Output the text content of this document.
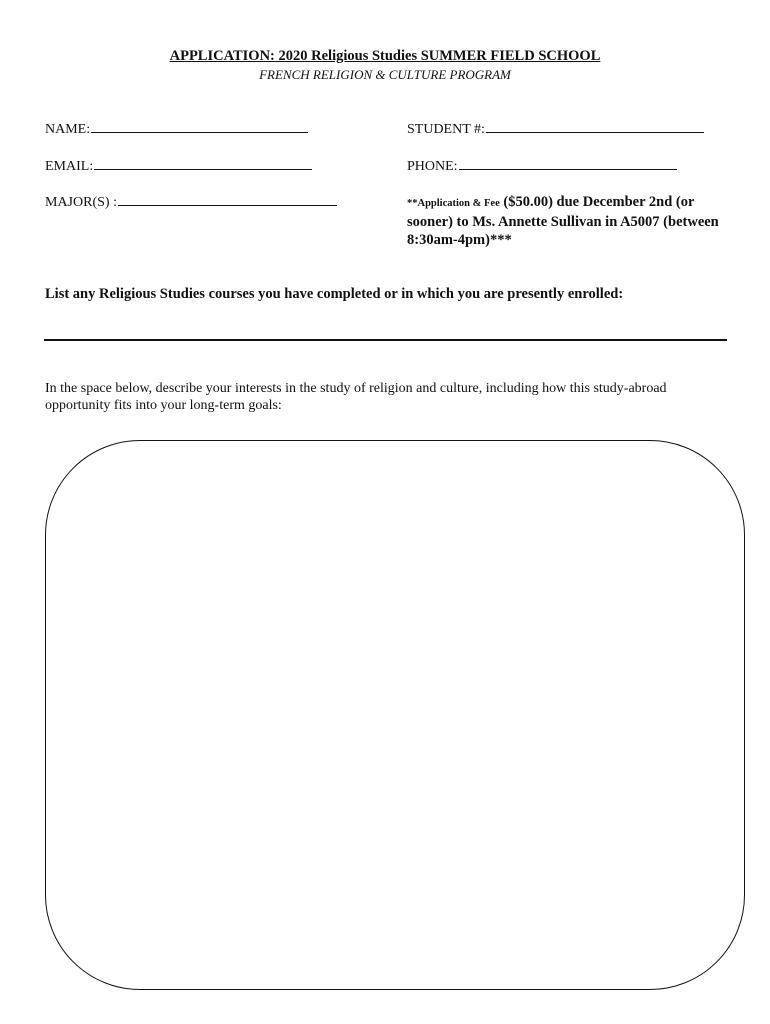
APPLICATION: 2020 Religious Studies SUMMER FIELD SCHOOL
FRENCH RELIGION & CULTURE PROGRAM
NAME:
EMAIL:
MAJOR(S) :
STUDENT #:
PHONE:
**Application & Fee ($50.00) due December 2nd (or sooner) to Ms. Annette Sullivan in A5007 (between 8:30am-4pm)***
List any Religious Studies courses you have completed or in which you are presently enrolled:
In the space below, describe your interests in the study of religion and culture, including how this study-abroad opportunity fits into your long-term goals:
